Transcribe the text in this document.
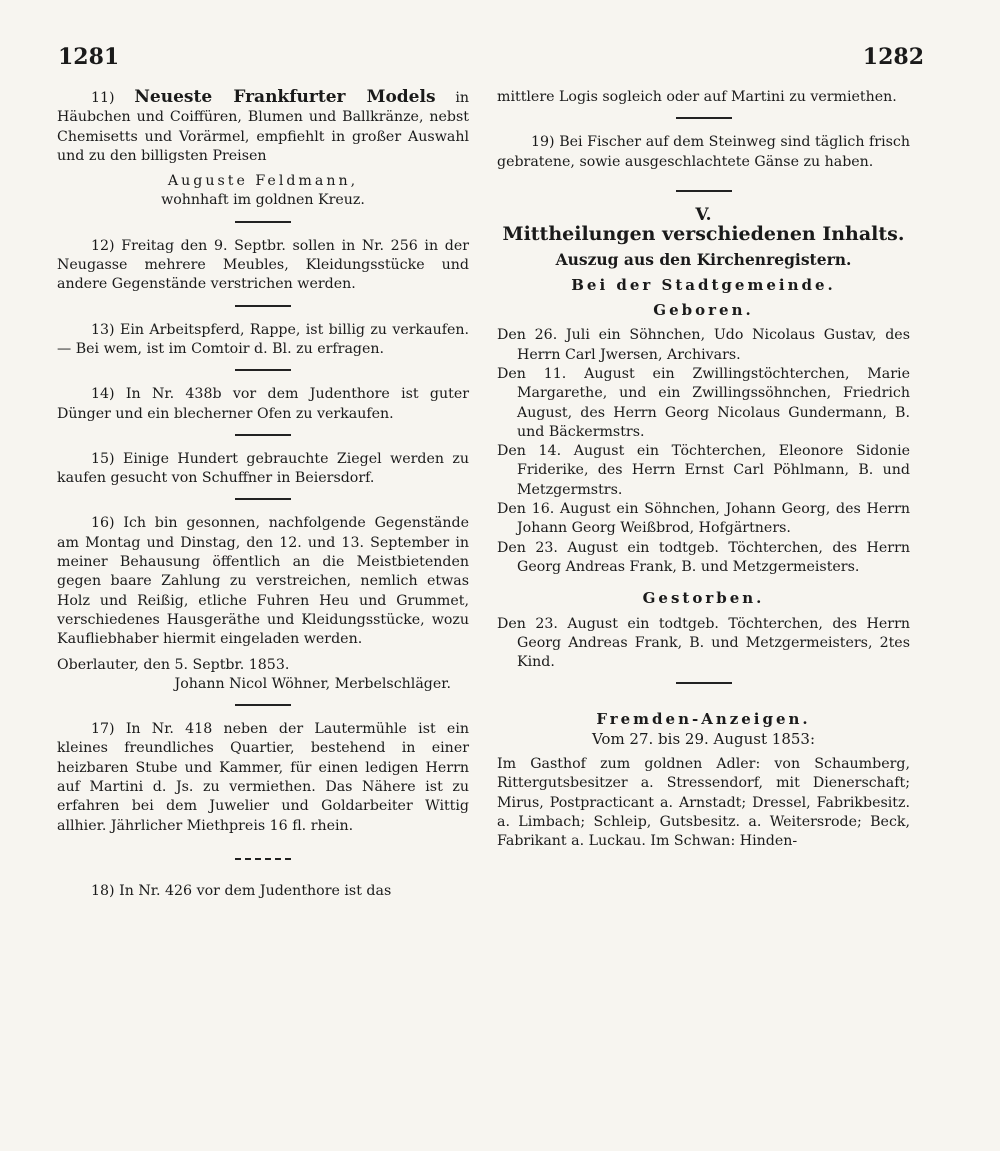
1281	1282

11) Neueste Frankfurter Models in Häubchen und Coiffüren, Blumen und Ballkränze, nebst Chemisetts und Vorärmel, empfiehlt in großer Auswahl und zu den billigsten Preisen

Auguste Feldmann,
wohnhaft im goldnen Kreuz.

12) Freitag den 9. Septbr. sollen in Nr. 256 in der Neugasse mehrere Meubles, Kleidungsstücke und andere Gegenstände verstrichen werden.

13) Ein Arbeitspferd, Rappe, ist billig zu verkaufen. — Bei wem, ist im Comtoir d. Bl. zu erfragen.

14) In Nr. 438b vor dem Judenthore ist guter Dünger und ein blecherner Ofen zu verkaufen.

15) Einige Hundert gebrauchte Ziegel werden zu kaufen gesucht von Schuffner in Beiersdorf.

16) Ich bin gesonnen, nachfolgende Gegenstände am Montag und Dinstag, den 12. und 13. September in meiner Behausung öffentlich an die Meistbietenden gegen baare Zahlung zu verstreichen, nemlich etwas Holz und Reißig, etliche Fuhren Heu und Grummet, verschiedenes Hausgeräthe und Kleidungsstücke, wozu Kaufliebhaber hiermit eingeladen werden.

Oberlauter, den 5. Septbr. 1853.
Johann Nicol Wöhner, Merbelschläger.

17) In Nr. 418 neben der Lautermühle ist ein kleines freundliches Quartier, bestehend in einer heizbaren Stube und Kammer, für einen ledigen Herrn auf Martini d. Js. zu vermiethen. Das Nähere ist zu erfahren bei dem Juwelier und Goldarbeiter Wittig allhier. Jährlicher Miethpreis 16 fl. rhein.

18) In Nr. 426 vor dem Judenthore ist das

mittlere Logis sogleich oder auf Martini zu vermiethen.

19) Bei Fischer auf dem Steinweg sind täglich frisch gebratene, sowie ausgeschlachtete Gänse zu haben.

V.
Mittheilungen verschiedenen Inhalts.
Auszug aus den Kirchenregistern.
Bei der Stadtgemeinde.
Geboren.

Den 26. Juli ein Söhnchen, Udo Nicolaus Gustav, des Herrn Carl Jwersen, Archivars.

Den 11. August ein Zwillingstöchterchen, Marie Margarethe, und ein Zwillingssöhnchen, Friedrich August, des Herrn Georg Nicolaus Gundermann, B. und Bäckermstrs.

Den 14. August ein Töchterchen, Eleonore Sidonie Friderike, des Herrn Ernst Carl Pöhlmann, B. und Metzgermstrs.

Den 16. August ein Söhnchen, Johann Georg, des Herrn Johann Georg Weißbrod, Hofgärtners.

Den 23. August ein todtgeb. Töchterchen, des Herrn Georg Andreas Frank, B. und Metzgermeisters.

Gestorben.

Den 23. August ein todtgeb. Töchterchen, des Herrn Georg Andreas Frank, B. und Metzgermeisters, 2tes Kind.

Fremden-Anzeigen.
Vom 27. bis 29. August 1853:

Im Gasthof zum goldnen Adler: von Schaumberg, Rittergutsbesitzer a. Stressendorf, mit Dienerschaft; Mirus, Postpracticant a. Arnstadt; Dressel, Fabrikbesitz. a. Limbach; Schleip, Gutsbesitz. a. Weitersrode; Beck, Fabrikant a. Luckau. Im Schwan: Hinden-
